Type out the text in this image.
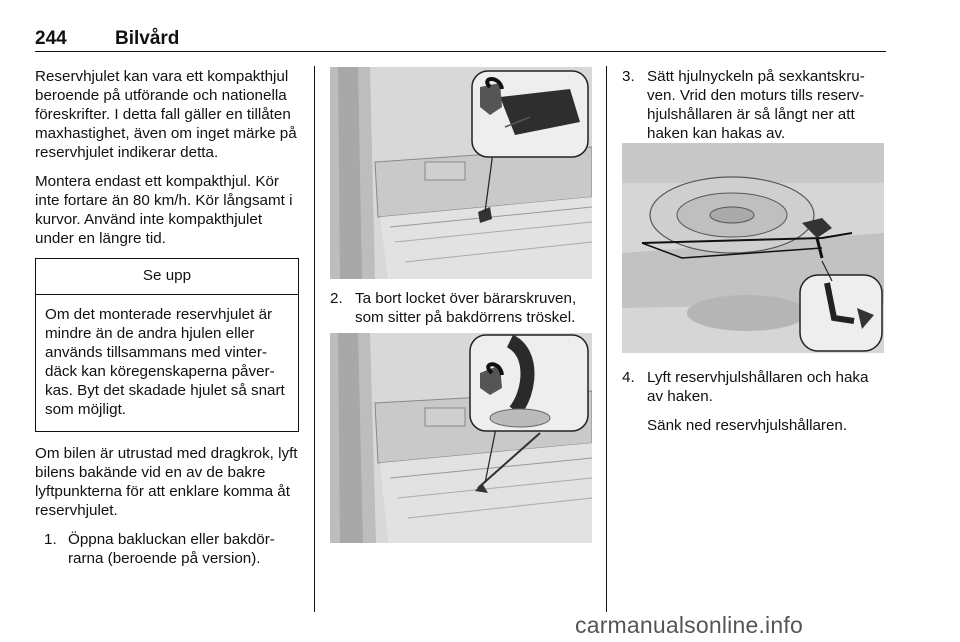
244	Bilvård

Reservhjulet kan vara ett kompakthjul beroende på utförande och nationella föreskrifter. I detta fall gäller en tillåten maxhastighet, även om inget märke på reservhjulet indikerar detta.

Montera endast ett kompakthjul. Kör inte fortare än 80 km/h. Kör långsamt i kurvor. Använd inte kompakthjulet under en längre tid.

Se upp
Om det monterade reservhjulet är mindre än de andra hjulen eller används tillsammans med vinterdäck kan köregenskaperna påverkas. Byt det skadade hjulet så snart som möjligt.

Om bilen är utrustad med dragkrok, lyft bilens bakände vid en av de bakre lyftpunkterna för att enklare komma åt reservhjulet.

1. Öppna bakluckan eller bakdörrarna (beroende på version).
2. Ta bort locket över bärarskruven, som sitter på bakdörrens tröskel.
3. Sätt hjulnyckeln på sexkantskruven. Vrid den moturs tills reservhjulshållaren är så långt ner att haken kan hakas av.
4. Lyft reservhjulshållaren och haka av haken.
Sänk ned reservhjulshållaren.
carmanualsonline.info
